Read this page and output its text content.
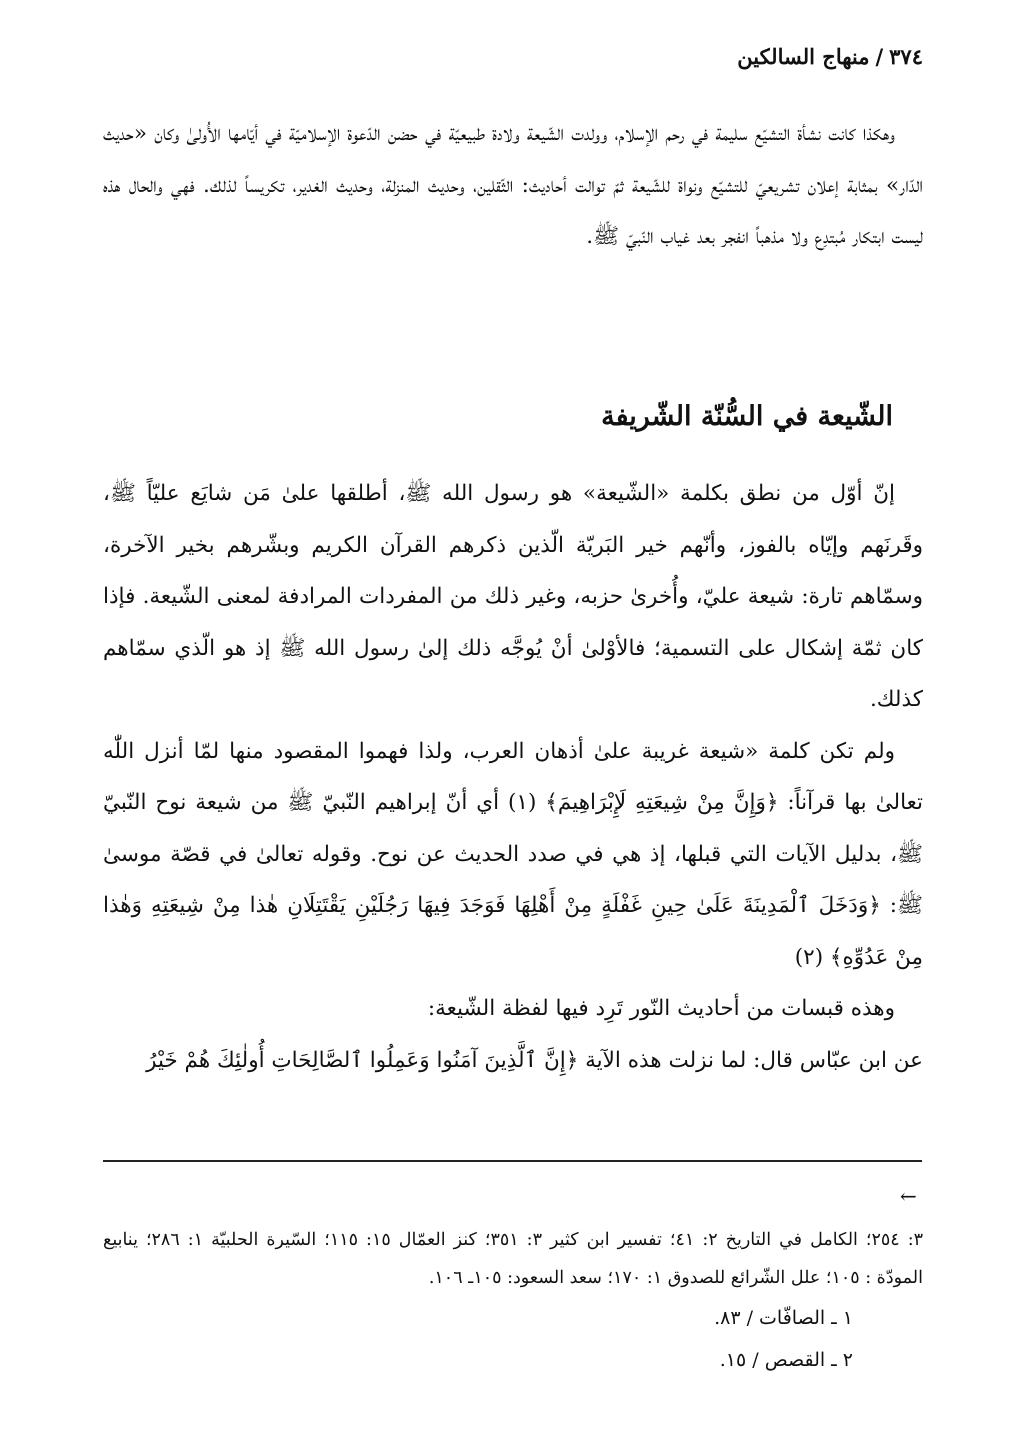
٣٧٤/منهاج السالكين

وهكذا كانت نشأة التشيّع سليمة في رحم الإسلام، وولدت الشّيعة ولادة طبيعيّة في حضن الدّعوة الإسلاميّة في أيّامها الأُولىٰ وكان «حديث الدّار» بمثابة إعلان تشريعيّ للتشيّع ونواة للشّيعة ثمّ توالت أحاديث: الثّقلين، وحديث المنزلة، وحديث الغدير، تكريساً لذلك. فهي والحال هذه ليست ابتكار مُبتدِع ولا مذهباً انفجر بعد غياب النّبيّ ﷺ.

الشّيعة في السُّنّة الشّريفة

إنّ أوّل من نطق بكلمة «الشّيعة» هو رسول الله ﷺ، أطلقها علىٰ مَن شايَع عليّاً ﷺ، وقَرنَهم وإيّاه بالفوز، وأنّهم خير البَريّة الّذين ذكرهم القرآن الكريم وبشّرهم بخير الآخرة، وسمّاهم تارة: شيعة عليّ، وأُخرىٰ حزبه، وغير ذلك من المفردات المرادفة لمعنى الشّيعة. فإذا كان ثمّة إشكال على التسمية؛ فالأوْلىٰ أنْ يُوجَّه ذلك إلىٰ رسول الله ﷺ إذ هو الّذي سمّاهم كذلك.

ولم تكن كلمة «شيعة غريبة علىٰ أذهان العرب، ولذا فهموا المقصود منها لمّا أنزل اللّٰه تعالىٰ بها قرآناً: ﴿وَإِنَّ مِنْ شِيعَتِهِ لَإِبْرَاهِيمَ﴾ (١) أي أنّ إبراهيم النّبيّ ﷺ من شيعة نوح النّبيّ ﷺ، بدليل الآيات التي قبلها، إذ هي في صدد الحديث عن نوح. وقوله تعالىٰ في قصّة موسىٰ ﷺ: ﴿وَدَخَلَ ٱلْمَدِينَةَ عَلَىٰ حِينِ غَفْلَةٍ مِنْ أَهْلِهَا فَوَجَدَ فِيهَا رَجُلَيْنِ يَقْتَتِلَانِ هٰذا مِنْ شِيعَتِهِ وَهٰذا مِنْ عَدُوِّهِ﴾ (٢)

وهذه قبسات من أحاديث النّور تَرِد فيها لفظة الشّيعة:

عن ابن عبّاس قال: لما نزلت هذه الآية ﴿إِنَّ ٱلَّذِينَ آمَنُوا وَعَمِلُوا ٱلصَّالِحَاتِ أُولٰئِكَ هُمْ خَيْرُ

←

٣: ٢٥٤؛ الكامل في التاريخ ٢: ٤١؛ تفسير ابن كثير ٣: ٣٥١؛ كنز العمّال ١٥: ١١٥؛ السّيرة الحلبيّة ١: ٢٨٦؛ ينابيع المودّة : ١٠٥؛ علل الشّرائع للصدوق ١: ١٧٠؛ سعد السعود: ١٠٥ـ ١٠٦.

١ ـ الصافّات / ٨٣.

٢ ـ القصص / ١٥.
